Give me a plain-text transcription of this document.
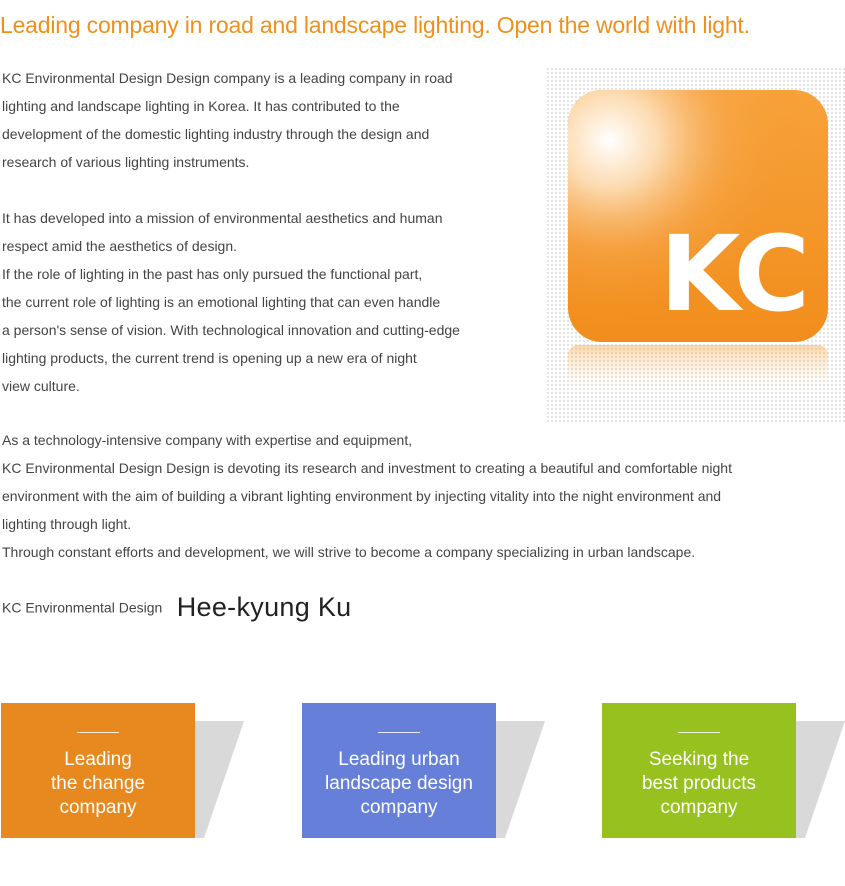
Leading company in road and landscape lighting. Open the world with light.

KC Environmental Design Design company is a leading company in road

lighting and landscape lighting in Korea. It has contributed to the

development of the domestic lighting industry through the design and

research of various lighting instruments.

It has developed into a mission of environmental aesthetics and human

respect amid the aesthetics of design.

If the role of lighting in the past has only pursued the functional part,

the current role of lighting is an emotional lighting that can even handle

a person's sense of vision. With technological innovation and cutting-edge

lighting products, the current trend is opening up a new era of night

view culture.

KC

As a technology-intensive company with expertise and equipment,

KC Environmental Design Design is devoting its research and investment to creating a beautiful and comfortable night

environment with the aim of building a vibrant lighting environment by injecting vitality into the night environment and

lighting through light.

Through constant efforts and development, we will strive to become a company specializing in urban landscape.

KC Environmental Design Hee-kyung Ku
Leading
the change
company
Leading urban
landscape design
company
Seeking the
best products
company
